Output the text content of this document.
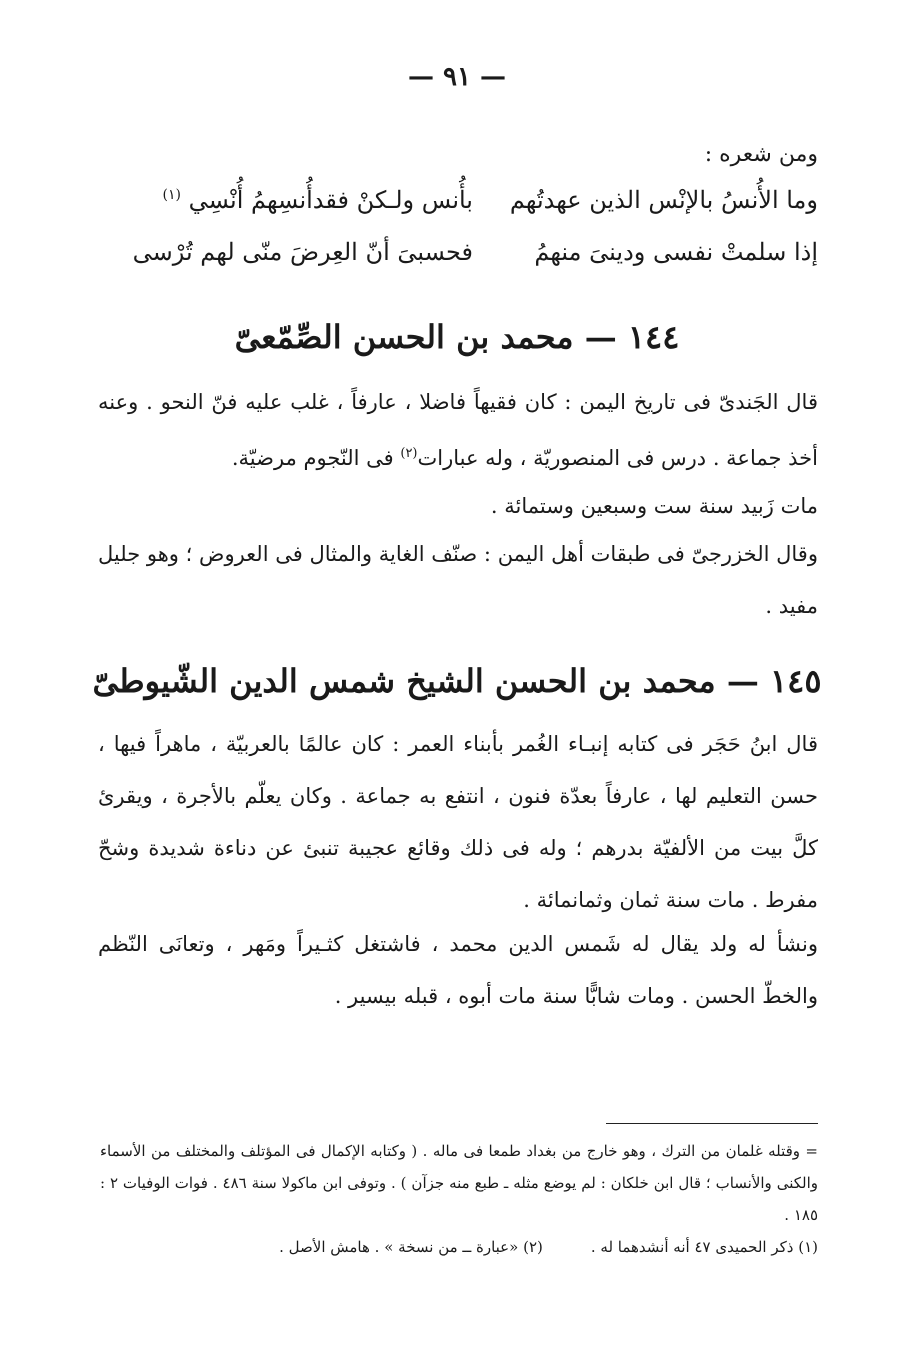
— ٩١ —
ومن شعره :
وما الأُنسُ بالإنْس الذين عهدتُهم
بأُنس ولـكنْ فقدأُنسِهمُ أُنْسِي $^{(١)}$
إذا سلمتْ نفسى ودينىَ منهمُ
فحسبىَ أنّ العِرضَ منّى لهم تُرْسى
١٤٤ — محمد بن الحسن الصِّمّعىّ
قال الجَندىّ فى تاريخ اليمن : كان فقيهاً فاضلا ، عارفاً ، غلب عليه فنّ النحو . وعنه أخذ جماعة . درس فى المنصوريّة ، وله عبارات$^{(٢)}$ فى النّجوم مرضيّة.
مات زَبيد سنة ست وسبعين وستمائة .
وقال الخزرجىّ فى طبقات أهل اليمن : صنّف الغاية والمثال فى العروض ؛ وهو جليل مفيد .
١٤٥ — محمد بن الحسن الشيخ شمس الدين الشّيوطىّ
قال ابنُ حَجَر فى كتابه إنبـاء الغُمر بأبناء العمر : كان عالمًا بالعربيّة ، ماهراً فيها ، حسن التعليم لها ، عارفاً بعدّة فنون ، انتفع به جماعة . وكان يعلّم بالأجرة ، ويقرئ كلَّ بيت من الألفيّة بدرهم ؛ وله فى ذلك وقائع عجيبة تنبئ عن دناءة شديدة وشحّ مفرط . مات سنة ثمان وثمانمائة .
ونشأ له ولد يقال له شَمس الدين محمد ، فاشتغل كثـيراً ومَهر ، وتعانَى النّظم والخطّ الحسن . ومات شابًّا سنة مات أبوه ، قبله بيسير .

= وقتله غلمان من الترك ، وهو خارج من بغداد طمعا فى ماله . ( وكتابه الإكمال فى المؤتلف والمختلف من الأسماء والكنى والأنساب ؛ قال ابن خلكان : لم يوضع مثله ـ طبع منه جزآن ) . وتوفى ابن ماكولا سنة ٤٨٦ . فوات الوفيات ٢ : ١٨٥ .

(١) ذكر الحميدى ٤٧ أنه أنشدهما له .
(٢) «عبارة ــ من نسخة » . هامش الأصل .
